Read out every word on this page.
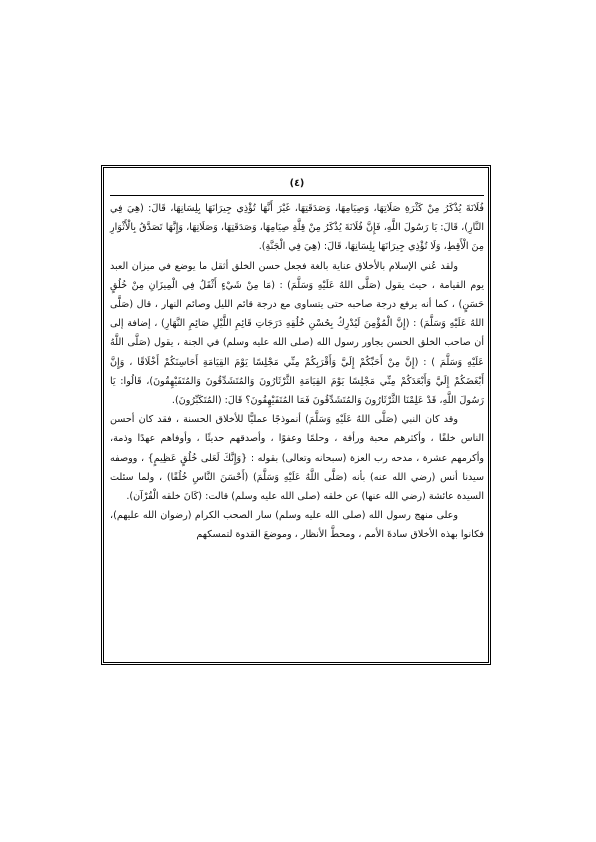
(٤)

فُلَانَةَ يُذْكَرُ مِنْ كَثْرَةِ صَلَاتِهَا، وَصِيَامِهَا، وَصَدَقَتِهَا، غَيْرَ أَنَّهَا تُؤْذِي جِيرَانَهَا بِلِسَانِهَا، قَالَ: (هِيَ فِي النَّارِ)، قَالَ: يَا رَسُولَ اللَّهِ، فَإِنَّ فُلَانَةَ يُذْكَرُ مِنْ قِلَّةِ صِيَامِهَا، وَصَدَقَتِهَا، وَصَلَاتِهَا، وَإِنَّهَا تَصَدَّقُ بِالْأَثْوَارِ مِنَ الْأَقِطِ، وَلَا تُؤْذِي جِيرَانَهَا بِلِسَانِهَا، قَالَ: (هِيَ فِي الْجَنَّةِ).

ولقد عُني الإسلام بالأخلاق عناية بالغة فجعل حسن الخلق أثقل ما يوضع في ميزان العبد يوم القيامة ، حيث يقول (صَلَّى اللهُ عَلَيْهِ وَسَلَّمَ) : (مَا مِنْ شَيْءٍ أَثْقَلُ فِي الْمِيزَانِ مِنْ خُلُقٍ حَسَنٍ) ، كما أنه يرفع درجة صاحبه حتى يتساوى مع درجة قائم الليل وصائم النهار ، قال (صَلَّى اللهُ عَلَيْهِ وَسَلَّمَ) : (إِنَّ الْمُؤْمِنَ لَيُدْرِكُ بِحُسْنِ خُلُقِهِ دَرَجَاتِ قَائِمِ اللَّيْلِ صَائِمِ النَّهَارِ) ، إضافة إلى أن صاحب الخلق الحسن يجاور رسول الله (صلى الله عليه وسلم) في الجنة ، يقول (صَلَّى اللَّهُ عَلَيْهِ وَسَلَّمَ ) : (إِنَّ مِنْ أَحَبِّكُمْ إِلَيَّ وَأَقْرَبِكُمْ مِنِّي مَجْلِسًا يَوْمَ القِيَامَةِ أَحَاسِنَكُمْ أَخْلَاقًا ، وَإِنَّ أَبْغَضَكُمْ إِلَيَّ وَأَبْعَدَكُمْ مِنِّي مَجْلِسًا يَوْمَ القِيَامَةِ الثَّرْثَارُونَ وَالمُتَشَدِّقُونَ وَالمُتَفَيْهِقُونَ)، قَالُوا: يَا رَسُولَ اللَّهِ، قَدْ عَلِمْنَا الثَّرْثَارُونَ وَالمُتَشَدِّقُونَ فَمَا المُتَفَيْهِقُونَ؟ قَالَ: (المُتَكَبِّرُونَ).

وقد كان النبي (صَلَّى اللهُ عَلَيْهِ وَسَلَّمَ) أنموذجًا عمليًّا للأخلاق الحسنة ، فقد كان أحسن الناس خلقًا ، وأكثرهم محبة ورأفة ، وحلمًا وعفوًا ، وأصدقهم حديثًا ، وأوفاهم عهدًا وذمة، وأكرمهم عشرة ، مدحه رب العزة (سبحانه وتعالى) بقوله : {وَإِنَّكَ لَعَلى خُلُقٍ عَظِيمٍ} ، ووصفه سيدنا أنس (رضي الله عنه) بأنه (صَلَّى اللَّهُ عَلَيْهِ وَسَلَّمَ) (أَحْسَنَ النَّاسِ خُلُقًا) ، ولما سئلت السيدة عائشة (رضي الله عنها) عن خلقه (صلى الله عليه وسلم) قالت: (كَانَ خلقه الْقُرْآن).

وعلى منهج رسول الله (صلى الله عليه وسلم) سار الصحب الكرام (رضوان الله عليهم)، فكانوا بهذه الأخلاق سادةَ الأمم ، ومحطَّ الأنظار ، وموضعَ القدوة لتمسكهم
